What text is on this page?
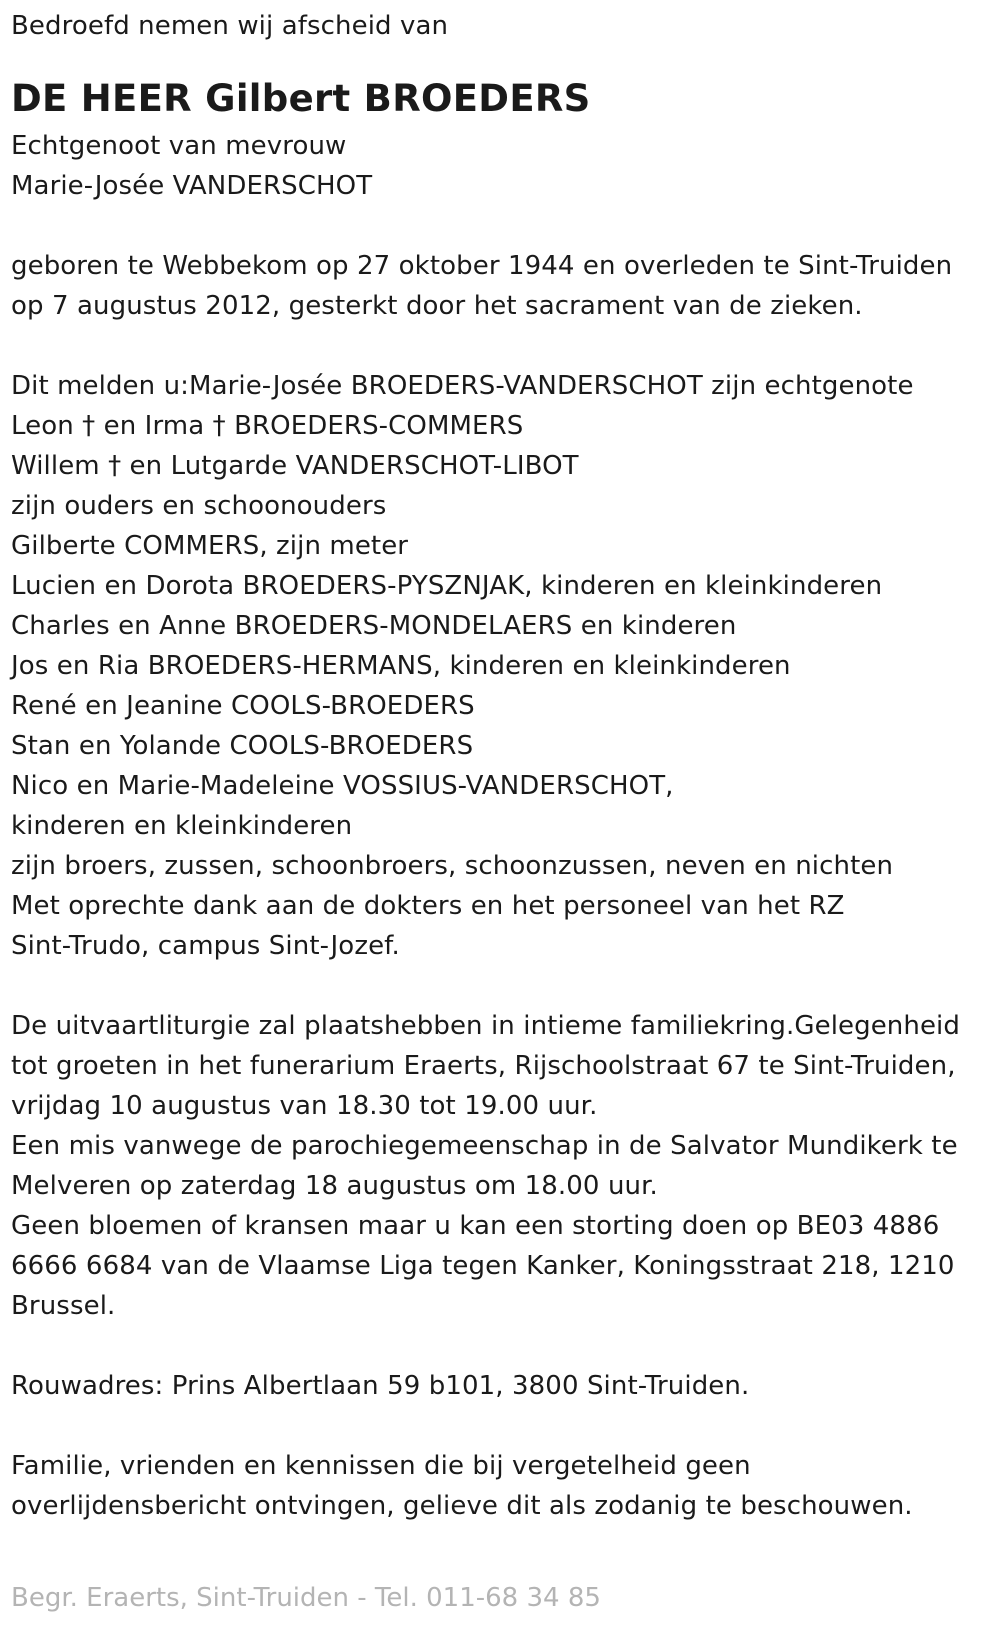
Bedroefd nemen wij afscheid van
DE HEER Gilbert BROEDERS
Echtgenoot van mevrouw
Marie-Josée VANDERSCHOT
geboren te Webbekom op 27 oktober 1944 en overleden te Sint-Truiden
op 7 augustus 2012, gesterkt door het sacrament van de zieken.
Dit melden u:Marie-Josée BROEDERS-VANDERSCHOT zijn echtgenote
Leon † en Irma † BROEDERS-COMMERS
Willem † en Lutgarde VANDERSCHOT-LIBOT
zijn ouders en schoonouders
Gilberte COMMERS, zijn meter
Lucien en Dorota BROEDERS-PYSZNJAK, kinderen en kleinkinderen
Charles en Anne BROEDERS-MONDELAERS en kinderen
Jos en Ria BROEDERS-HERMANS, kinderen en kleinkinderen
René en Jeanine COOLS-BROEDERS
Stan en Yolande COOLS-BROEDERS
Nico en Marie-Madeleine VOSSIUS-VANDERSCHOT,
kinderen en kleinkinderen
zijn broers, zussen, schoonbroers, schoonzussen, neven en nichten
Met oprechte dank aan de dokters en het personeel van het RZ
Sint-Trudo, campus Sint-Jozef.
De uitvaartliturgie zal plaatshebben in intieme familiekring.Gelegenheid
tot groeten in het funerarium Eraerts, Rijschoolstraat 67 te Sint-Truiden,
vrijdag 10 augustus van 18.30 tot 19.00 uur.
Een mis vanwege de parochiegemeenschap in de Salvator Mundikerk te
Melveren op zaterdag 18 augustus om 18.00 uur.
Geen bloemen of kransen maar u kan een storting doen op BE03 4886
6666 6684 van de Vlaamse Liga tegen Kanker, Koningsstraat 218, 1210
Brussel.
Rouwadres: Prins Albertlaan 59 b101, 3800 Sint-Truiden.
Familie, vrienden en kennissen die bij vergetelheid geen
overlijdensbericht ontvingen, gelieve dit als zodanig te beschouwen.
Begr. Eraerts, Sint-Truiden - Tel. 011-68 34 85
